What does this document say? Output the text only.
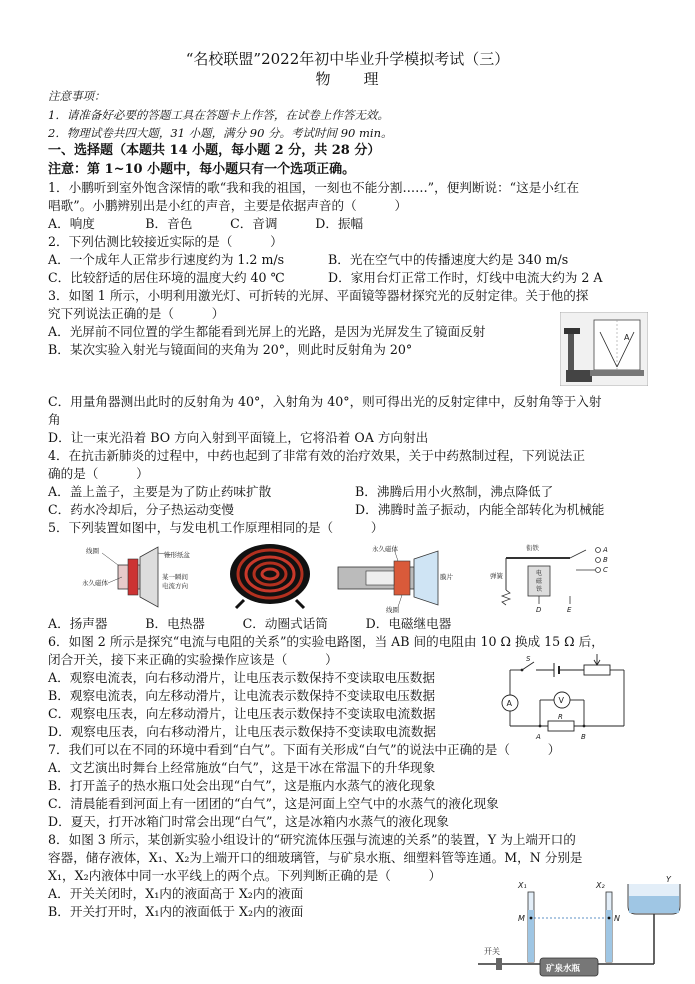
“名校联盟”2022年初中毕业升学模拟考试（三）
物　　理
注意事项：
1．请准备好必要的答题工具在答题卡上作答，在试卷上作答无效。
2．物理试卷共四大题，31 小题，满分 90 分。考试时间 90 min。
一、选择题（本题共 14 小题，每小题 2 分，共 28 分）
注意：第 1~10 小题中，每小题只有一个选项正确。
1．小鹏听到室外饱含深情的歌“我和我的祖国，一刻也不能分割……”，便判断说：“这是小红在
唱歌”。小鹏辨别出是小红的声音，主要是依据声音的（　　　）
A．响度　　　　B．音色　　　C．音调　　　D．振幅
2．下列估测比较接近实际的是（　　　）
A．一个成年人正常步行速度约为 1.2 m/s	B．光在空气中的传播速度大约是 340 m/s
C．比较舒适的居住环境的温度大约 40 ℃	D．家用台灯正常工作时，灯线中电流大约为 2 A
3．如图 1 所示，小明利用激光灯、可折转的光屏、平面镜等器材探究光的反射定律。关于他的探
究下列说法正确的是（　　　）
A．光屏前不同位置的学生都能看到光屏上的光路，是因为光屏发生了镜面反射
B．某次实验入射光与镜面间的夹角为 20°，则此时反射角为 20°
A
C．用量角器测出此时的反射角为 40°，入射角为 40°，则可得出光的反射定律中，反射角等于入射
角
D．让一束光沿着 BO 方向入射到平面镜上，它将沿着 OA 方向射出
4．在抗击新肺炎的过程中，中药也起到了非常有效的治疗效果，关于中药熬制过程，下列说法正
确的是（　　　）
A．盖上盖子，主要是为了防止药味扩散	B．沸腾后用小火熬制，沸点降低了
C．药水冷却后，分子热运动变慢	D．沸腾时盖子振动，内能全部转化为机械能
5．下列装置如图中，与发电机工作原理相同的是（　　　）
线圈	锥形纸盆
永久磁体
某一瞬间
电流方向
永久磁体
膜片
线圈
衔铁
弹簧	电
磁
铁
A
B
C
D	E
A．扬声器　　　B．电热器　　　C．动圈式话筒　　　D．电磁继电器
6．如图 2 所示是探究“电流与电阻的关系”的实验电路图，当 AB 间的电阻由 10 Ω 换成 15 Ω 后，
闭合开关，接下来正确的实验操作应该是（　　　）
A．观察电流表，向右移动滑片，让电压表示数保持不变读取电压数据
B．观察电流表，向左移动滑片，让电流表示数保持不变读取电压数据
C．观察电压表，向左移动滑片，让电压表示数保持不变读取电流数据
D．观察电压表，向右移动滑片，让电压表示数保持不变读取电流数据
A
R
V
S
A	B
7．我们可以在不同的环境中看到“白气”。下面有关形成“白气”的说法中正确的是（　　　）
A．文艺演出时舞台上经常施放“白气”，这是干冰在常温下的升华现象
B．打开盖子的热水瓶口处会出现“白气”，这是瓶内水蒸气的液化现象
C．清晨能看到河面上有一团团的“白气”，这是河面上空气中的水蒸气的液化现象
D．夏天，打开冰箱门时常会出现“白气”，这是冰箱内水蒸气的液化现象
8．如图 3 所示，某创新实验小组设计的“研究流体压强与流速的关系”的装置，Y 为上端开口的
容器，储存液体，X₁、X₂为上端开口的细玻璃管，与矿泉水瓶、细塑料管等连通。M，N 分别是
X₁，X₂内液体中同一水平线上的两个点。下列判断正确的是（　　　）
A．开关关闭时，X₁内的液面高于 X₂内的液面
B．开关打开时，X₁内的液面低于 X₂内的液面
矿泉水瓶
X₁	X₂
Y
M	N
开关
